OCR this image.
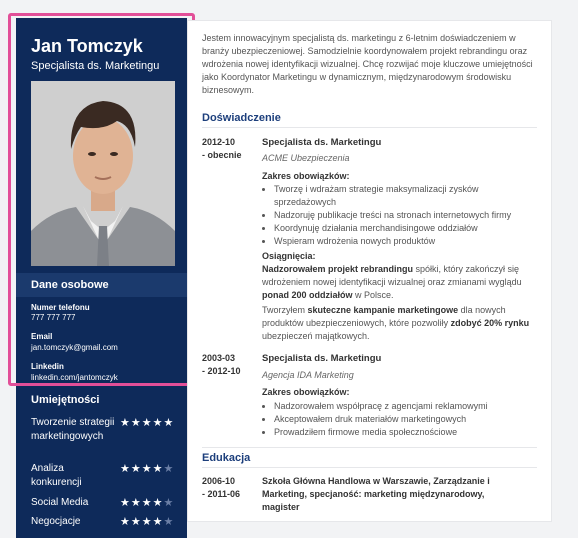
Jan Tomczyk
Specjalista ds. Marketingu
Dane osobowe
Numer telefonu
777 777 777
Email
jan.tomczyk@gmail.com
Linkedin
linkedin.com/jantomczyk
Umiejętności
Tworzenie strategii marketingowych
★★★★★
Analiza konkurencji
★★★★★
Social Media	★★★★★
Negocjacje	★★★★★
Jestem innowacyjnym specjalistą ds. marketingu z 6-letnim doświadczeniem w branży ubezpieczeniowej. Samodzielnie koordynowałem projekt rebrandingu oraz wdrożenia nowej identyfikacji wizualnej. Chcę rozwijać moje kluczowe umiejętności jako Koordynator Marketingu w dynamicznym, międzynarodowym środowisku biznesowym.
Doświadczenie
2012-10
- obecnie
Specjalista ds. Marketingu
ACME Ubezpieczenia
Zakres obowiązków:
• Tworzę i wdrażam strategie maksymalizacji zysków sprzedażowych
• Nadzoruję publikacje treści na stronach internetowych firmy
• Koordynuję działania merchandisingowe oddziałów
• Wspieram wdrożenia nowych produktów
Osiągnięcia:
Nadzorowałem projekt rebrandingu spółki, który zakończył się wdrożeniem nowej identyfikacji wizualnej oraz zmianami wyglądu ponad 200 oddziałów w Polsce.
Tworzyłem skuteczne kampanie marketingowe dla nowych produktów ubezpieczeniowych, które pozwoliły zdobyć 20% rynku ubezpieczeń majątkowych.
2003-03
- 2012-10
Specjalista ds. Marketingu
Agencja IDA Marketing
Zakres obowiązków:
• Nadzorowałem współpracę z agencjami reklamowymi
• Akceptowałem druk materiałów marketingowych
• Prowadziłem firmowe media społecznościowe
Edukacja
2006-10
- 2011-06
Szkoła Główna Handlowa w Warszawie, Zarządzanie i Marketing, specjaność: marketing międzynarodowy, magister
